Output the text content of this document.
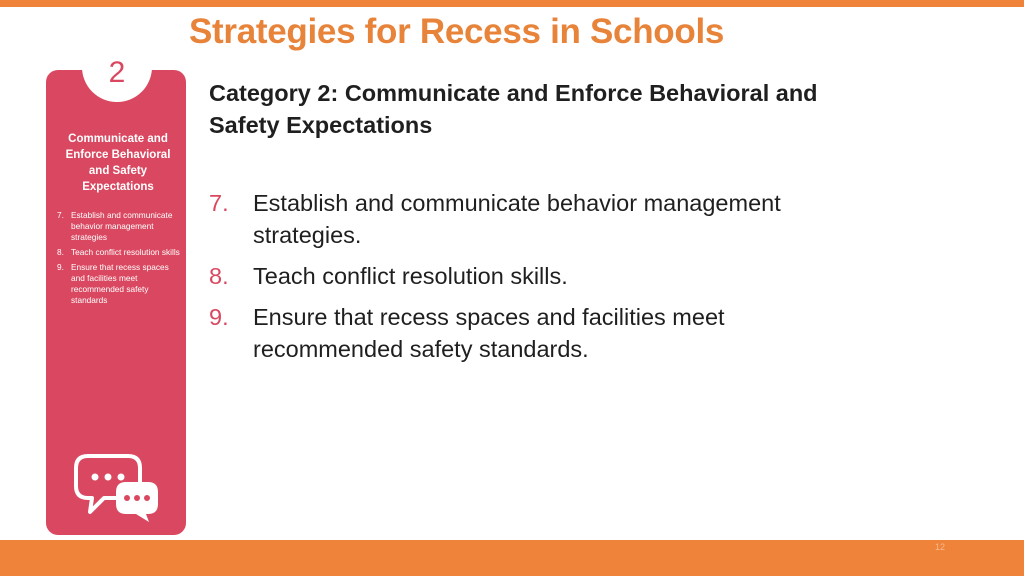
Strategies for Recess in Schools
2
Communicate and Enforce Behavioral and Safety Expectations
7. Establish and communicate behavior management strategies
8. Teach conflict resolution skills
9. Ensure that recess spaces and facilities meet recommended safety standards
Category 2: Communicate and Enforce Behavioral and Safety Expectations
7.	Establish and communicate behavior management strategies.
8.	Teach conflict resolution skills.
9.	Ensure that recess spaces and facilities meet recommended safety standards.
12
